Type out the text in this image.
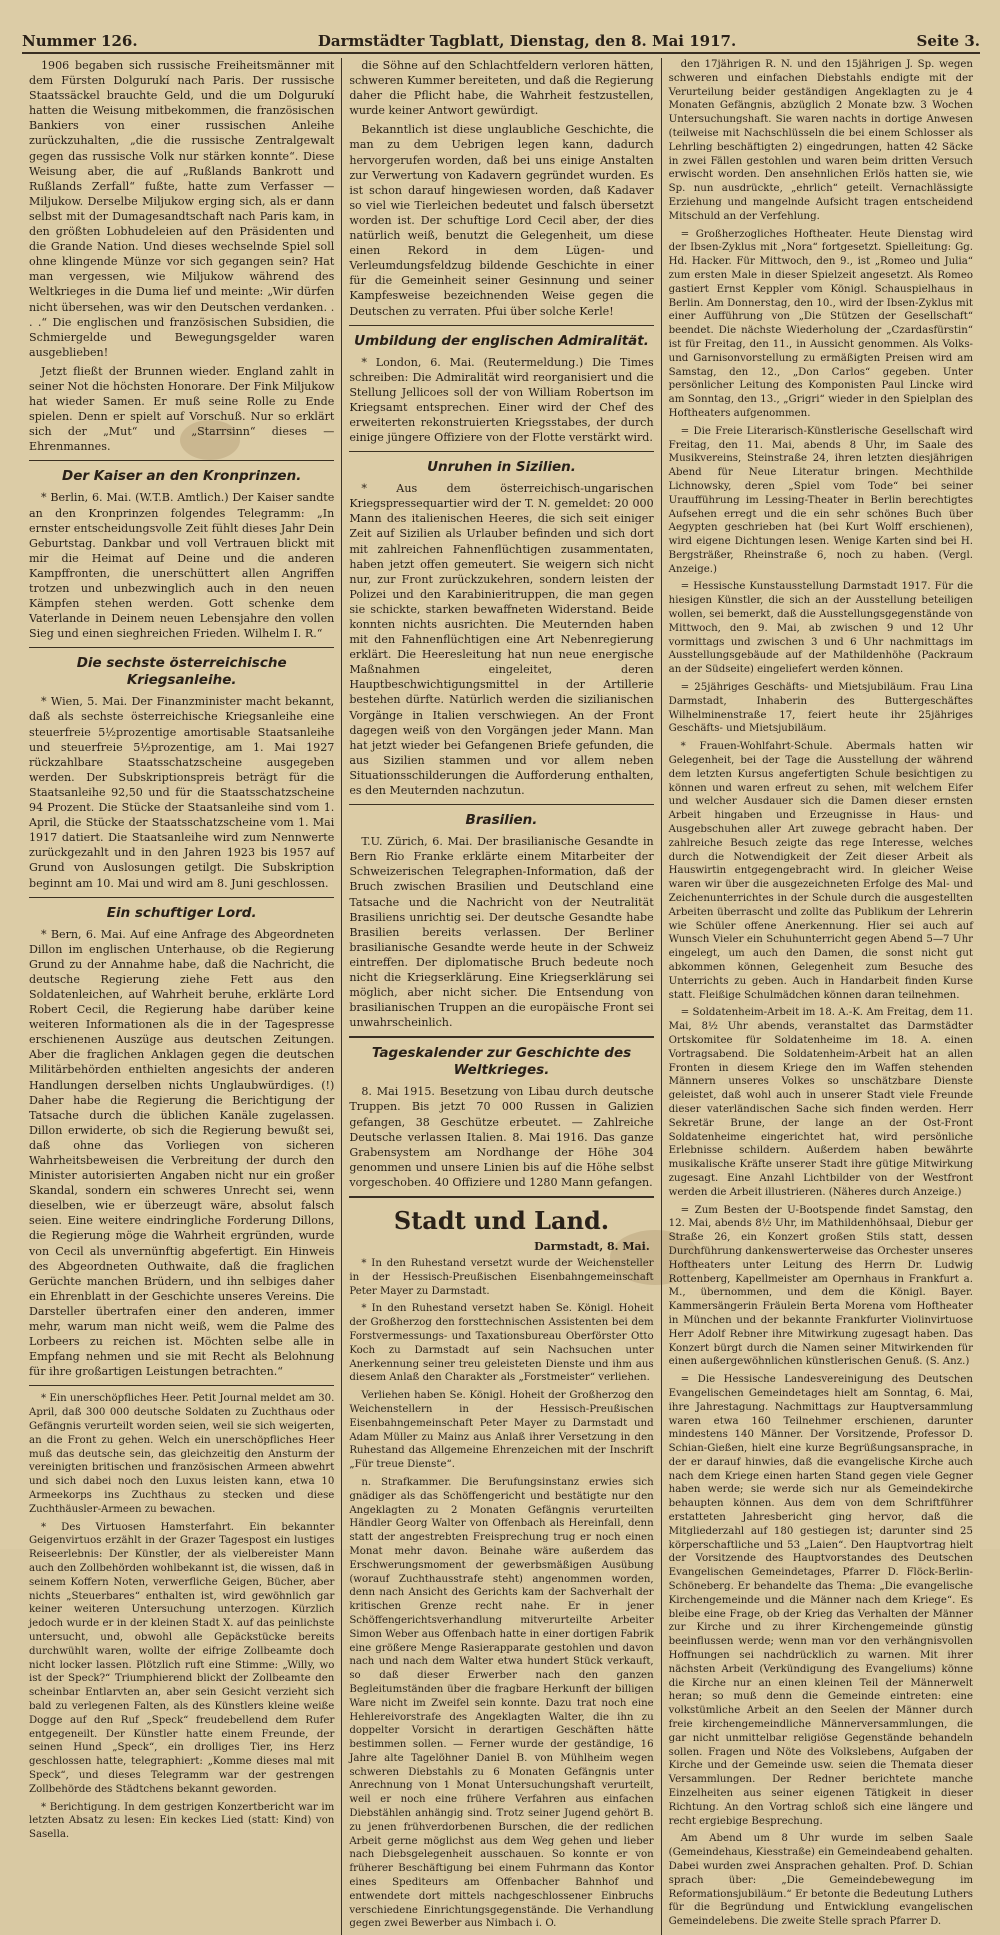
Nummer 126.	Darmstädter Tagblatt, Dienstag, den 8. Mai 1917.	Seite 3.

1906 begaben sich russische Freiheitsmänner mit dem Fürsten Dolgurukí nach Paris. Der russische Staatssäckel brauchte Geld, und die um Dolgurukí hatten die Weisung mitbekommen, die französischen Bankiers von einer russischen Anleihe zurückzuhalten, „die die russische Zentralgewalt gegen das russische Volk nur stärken konnte“. Diese Weisung aber, die auf „Rußlands Bankrott und Rußlands Zerfall“ fußte, hatte zum Verfasser — Miljukow. Derselbe Miljukow erging sich, als er dann selbst mit der Dumagesandtschaft nach Paris kam, in den größten Lobhudeleien auf den Präsidenten und die Grande Nation. Und dieses wechselnde Spiel soll ohne klingende Münze vor sich gegangen sein? Hat man vergessen, wie Miljukow während des Weltkrieges in die Duma lief und meinte: „Wir dürfen nicht übersehen, was wir den Deutschen verdanken. . . .“ Die englischen und französischen Subsidien, die Schmiergelde und Bewegungsgelder waren ausgeblieben!

Jetzt fließt der Brunnen wieder. England zahlt in seiner Not die höchsten Honorare. Der Fink Miljukow hat wieder Samen. Er muß seine Rolle zu Ende spielen. Denn er spielt auf Vorschuß. Nur so erklärt sich der „Mut“ und „Starrsinn“ dieses — Ehrenmannes.

Der Kaiser an den Kronprinzen.

* Berlin, 6. Mai. (W.T.B. Amtlich.) Der Kaiser sandte an den Kronprinzen folgendes Telegramm: „In ernster entscheidungsvolle Zeit fühlt dieses Jahr Dein Geburtstag. Dankbar und voll Vertrauen blickt mit mir die Heimat auf Deine und die anderen Kampffronten, die unerschüttert allen Angriffen trotzen und unbezwinglich auch in den neuen Kämpfen stehen werden. Gott schenke dem Vaterlande in Deinem neuen Lebensjahre den vollen Sieg und einen sieghreichen Frieden. Wilhelm I. R.“

Die sechste österreichische Kriegsanleihe.

* Wien, 5. Mai. Der Finanzminister macht bekannt, daß als sechste österreichische Kriegsanleihe eine steuerfreie 5½prozentige amortisable Staatsanleihe und steuerfreie 5½prozentige, am 1. Mai 1927 rückzahlbare Staatsschatzscheine ausgegeben werden. Der Subskriptionspreis beträgt für die Staatsanleihe 92,50 und für die Staatsschatzscheine 94 Prozent. Die Stücke der Staatsanleihe sind vom 1. April, die Stücke der Staatsschatzscheine vom 1. Mai 1917 datiert. Die Staatsanleihe wird zum Nennwerte zurückgezahlt und in den Jahren 1923 bis 1957 auf Grund von Auslosungen getilgt. Die Subskription beginnt am 10. Mai und wird am 8. Juni geschlossen.

Ein schuftiger Lord.

* Bern, 6. Mai. Auf eine Anfrage des Abgeordneten Dillon im englischen Unterhause, ob die Regierung Grund zu der Annahme habe, daß die Nachricht, die deutsche Regierung ziehe Fett aus den Soldatenleichen, auf Wahrheit beruhe, erklärte Lord Robert Cecil, die Regierung habe darüber keine weiteren Informationen als die in der Tagespresse erschienenen Auszüge aus deutschen Zeitungen. Aber die fraglichen Anklagen gegen die deutschen Militärbehörden enthielten angesichts der anderen Handlungen derselben nichts Unglaubwürdiges. (!) Daher habe die Regierung die Berichtigung der Tatsache durch die üblichen Kanäle zugelassen. Dillon erwiderte, ob sich die Regierung bewußt sei, daß ohne das Vorliegen von sicheren Wahrheitsbeweisen die Verbreitung der durch den Minister autorisierten Angaben nicht nur ein großer Skandal, sondern ein schweres Unrecht sei, wenn dieselben, wie er überzeugt wäre, absolut falsch seien. Eine weitere eindringliche Forderung Dillons, die Regierung möge die Wahrheit ergründen, wurde von Cecil als unvernünftig abgefertigt. Ein Hinweis des Abgeordneten Outhwaite, daß die fraglichen Gerüchte manchen Brüdern, und ihn selbiges daher ein Ehrenblatt in der Geschichte unseres Vereins. Die Darsteller übertrafen einer den anderen, immer mehr, warum man nicht weiß, wem die Palme des Lorbeers zu reichen ist. Möchten selbe alle in Empfang nehmen und sie mit Recht als Belohnung für ihre großartigen Leistungen betrachten.“

* Ein unerschöpfliches Heer. Petit Journal meldet am 30. April, daß 300 000 deutsche Soldaten zu Zuchthaus oder Gefängnis verurteilt worden seien, weil sie sich weigerten, an die Front zu gehen. Welch ein unerschöpfliches Heer muß das deutsche sein, das gleichzeitig den Ansturm der vereinigten britischen und französischen Armeen abwehrt und sich dabei noch den Luxus leisten kann, etwa 10 Armeekorps ins Zuchthaus zu stecken und diese Zuchthäusler-Armeen zu bewachen.

* Des Virtuosen Hamsterfahrt. Ein bekannter Geigenvirtuos erzählt in der Grazer Tagespost ein lustiges Reiseerlebnis: Der Künstler, der als vielbereister Mann auch den Zollbehörden wohlbekannt ist, die wissen, daß in seinem Koffern Noten, verwerfliche Geigen, Bücher, aber nichts „Steuerbares“ enthalten ist, wird gewöhnlich gar keiner weiteren Untersuchung unterzogen. Kürzlich jedoch wurde er in der kleinen Stadt X. auf das peinlichste untersucht, und, obwohl alle Gepäckstücke bereits durchwühlt waren, wollte der eifrige Zollbeamte doch nicht locker lassen. Plötzlich ruft eine Stimme: „Willy, wo ist der Speck?“ Triumphierend blickt der Zollbeamte den scheinbar Entlarvten an, aber sein Gesicht verzieht sich bald zu verlegenen Falten, als des Künstlers kleine weiße Dogge auf den Ruf „Speck“ freudebellend dem Rufer entgegeneilt. Der Künstler hatte einem Freunde, der seinen Hund „Speck“, ein drolliges Tier, ins Herz geschlossen hatte, telegraphiert: „Komme dieses mal mit Speck“, und dieses Telegramm war der gestrengen Zollbehörde des Städtchens bekannt geworden.

* Berichtigung. In dem gestrigen Konzertbericht war im letzten Absatz zu lesen: Ein keckes Lied (statt: Kind) von Sasella.

die Söhne auf den Schlachtfeldern verloren hätten, schweren Kummer bereiteten, und daß die Regierung daher die Pflicht habe, die Wahrheit festzustellen, wurde keiner Antwort gewürdigt.

Bekanntlich ist diese unglaubliche Geschichte, die man zu dem Uebrigen legen kann, dadurch hervorgerufen worden, daß bei uns einige Anstalten zur Verwertung von Kadavern gegründet wurden. Es ist schon darauf hingewiesen worden, daß Kadaver so viel wie Tierleichen bedeutet und falsch übersetzt worden ist. Der schuftige Lord Cecil aber, der dies natürlich weiß, benutzt die Gelegenheit, um diese einen Rekord in dem Lügen- und Verleumdungsfeldzug bildende Geschichte in einer für die Gemeinheit seiner Gesinnung und seiner Kampfesweise bezeichnenden Weise gegen die Deutschen zu verraten. Pfui über solche Kerle!

Umbildung der englischen Admiralität.

* London, 6. Mai. (Reutermeldung.) Die Times schreiben: Die Admiralität wird reorganisiert und die Stellung Jellicoes soll der von William Robertson im Kriegsamt entsprechen. Einer wird der Chef des erweiterten rekonstruierten Kriegsstabes, der durch einige jüngere Offiziere von der Flotte verstärkt wird.

Unruhen in Sizilien.

* Aus dem österreichisch-ungarischen Kriegspressequartier wird der T. N. gemeldet: 20 000 Mann des italienischen Heeres, die sich seit einiger Zeit auf Sizilien als Urlauber befinden und sich dort mit zahlreichen Fahnenflüchtigen zusammentaten, haben jetzt offen gemeutert. Sie weigern sich nicht nur, zur Front zurückzukehren, sondern leisten der Polizei und den Karabinieritruppen, die man gegen sie schickte, starken bewaffneten Widerstand. Beide konnten nichts ausrichten. Die Meuternden haben mit den Fahnenflüchtigen eine Art Nebenregierung erklärt. Die Heeresleitung hat nun neue energische Maßnahmen eingeleitet, deren Hauptbeschwichtigungsmittel in der Artillerie bestehen dürfte. Natürlich werden die sizilianischen Vorgänge in Italien verschwiegen. An der Front dagegen weiß von den Vorgängen jeder Mann. Man hat jetzt wieder bei Gefangenen Briefe gefunden, die aus Sizilien stammen und vor allem neben Situationsschilderungen die Aufforderung enthalten, es den Meuternden nachzutun.

Brasilien.

T.U. Zürich, 6. Mai. Der brasilianische Gesandte in Bern Rio Franke erklärte einem Mitarbeiter der Schweizerischen Telegraphen-Information, daß der Bruch zwischen Brasilien und Deutschland eine Tatsache und die Nachricht von der Neutralität Brasiliens unrichtig sei. Der deutsche Gesandte habe Brasilien bereits verlassen. Der Berliner brasilianische Gesandte werde heute in der Schweiz eintreffen. Der diplomatische Bruch bedeute noch nicht die Kriegserklärung. Eine Kriegserklärung sei möglich, aber nicht sicher. Die Entsendung von brasilianischen Truppen an die europäische Front sei unwahrscheinlich.

Tageskalender zur Geschichte des Weltkrieges.

8. Mai 1915. Besetzung von Libau durch deutsche Truppen. Bis jetzt 70 000 Russen in Galizien gefangen, 38 Geschütze erbeutet. — Zahlreiche Deutsche verlassen Italien. 8. Mai 1916. Das ganze Grabensystem am Nordhange der Höhe 304 genommen und unsere Linien bis auf die Höhe selbst vorgeschoben. 40 Offiziere und 1280 Mann gefangen.

Stadt und Land.
Darmstadt, 8. Mai.

* In den Ruhestand versetzt wurde der Weichensteller in der Hessisch-Preußischen Eisenbahngemeinschaft Peter Mayer zu Darmstadt.

* In den Ruhestand versetzt haben Se. Königl. Hoheit der Großherzog den forsttechnischen Assistenten bei dem Forstvermessungs- und Taxationsbureau Oberförster Otto Koch zu Darmstadt auf sein Nachsuchen unter Anerkennung seiner treu geleisteten Dienste und ihm aus diesem Anlaß den Charakter als „Forstmeister“ verliehen.

Verliehen haben Se. Königl. Hoheit der Großherzog den Weichenstellern in der Hessisch-Preußischen Eisenbahngemeinschaft Peter Mayer zu Darmstadt und Adam Müller zu Mainz aus Anlaß ihrer Versetzung in den Ruhestand das Allgemeine Ehrenzeichen mit der Inschrift „Für treue Dienste“.

n. Strafkammer. Die Berufungsinstanz erwies sich gnädiger als das Schöffengericht und bestätigte nur den Angeklagten zu 2 Monaten Gefängnis verurteilten Händler Georg Walter von Offenbach als Hereinfall, denn statt der angestrebten Freisprechung trug er noch einen Monat mehr davon. Beinahe wäre außerdem das Erschwerungsmoment der gewerbsmäßigen Ausübung (worauf Zuchthausstrafe steht) angenommen worden, denn nach Ansicht des Gerichts kam der Sachverhalt der kritischen Grenze recht nahe. Er in jener Schöffengerichtsverhandlung mitverurteilte Arbeiter Simon Weber aus Offenbach hatte in einer dortigen Fabrik eine größere Menge Rasierapparate gestohlen und davon nach und nach dem Walter etwa hundert Stück verkauft, so daß dieser Erwerber nach den ganzen Begleitumständen über die fragbare Herkunft der billigen Ware nicht im Zweifel sein konnte. Dazu trat noch eine Hehlereivorstrafe des Angeklagten Walter, die ihn zu doppelter Vorsicht in derartigen Geschäften hätte bestimmen sollen. — Ferner wurde der geständige, 16 Jahre alte Tagelöhner Daniel B. von Mühlheim wegen schweren Diebstahls zu 6 Monaten Gefängnis unter Anrechnung von 1 Monat Untersuchungshaft verurteilt, weil er noch eine frühere Verfahren aus einfachen Diebstählen anhängig sind. Trotz seiner Jugend gehört B. zu jenen frühverdorbenen Burschen, die der redlichen Arbeit gerne möglichst aus dem Weg gehen und lieber nach Diebsgelegenheit ausschauen. So konnte er von früherer Beschäftigung bei einem Fuhrmann das Kontor eines Spediteurs am Offenbacher Bahnhof und entwendete dort mittels nachgeschlossener Einbruchs verschiedene Einrichtungsgegenstände. Die Verhandlung gegen zwei Bewerber aus Nimbach i. O.

den 17jährigen R. N. und den 15jährigen J. Sp. wegen schweren und einfachen Diebstahls endigte mit der Verurteilung beider geständigen Angeklagten zu je 4 Monaten Gefängnis, abzüglich 2 Monate bzw. 3 Wochen Untersuchungshaft. Sie waren nachts in dortige Anwesen (teilweise mit Nachschlüsseln die bei einem Schlosser als Lehrling beschäftigten 2) eingedrungen, hatten 42 Säcke in zwei Fällen gestohlen und waren beim dritten Versuch erwischt worden. Den ansehnlichen Erlös hatten sie, wie Sp. nun ausdrückte, „ehrlich“ geteilt. Vernachlässigte Erziehung und mangelnde Aufsicht tragen entscheidend Mitschuld an der Verfehlung.

= Großherzogliches Hoftheater. Heute Dienstag wird der Ibsen-Zyklus mit „Nora“ fortgesetzt. Spielleitung: Gg. Hd. Hacker. Für Mittwoch, den 9., ist „Romeo und Julia“ zum ersten Male in dieser Spielzeit angesetzt. Als Romeo gastiert Ernst Keppler vom Königl. Schauspielhaus in Berlin. Am Donnerstag, den 10., wird der Ibsen-Zyklus mit einer Aufführung von „Die Stützen der Gesellschaft“ beendet. Die nächste Wiederholung der „Czardasfürstin“ ist für Freitag, den 11., in Aussicht genommen. Als Volks- und Garnisonvorstellung zu ermäßigten Preisen wird am Samstag, den 12., „Don Carlos“ gegeben. Unter persönlicher Leitung des Komponisten Paul Lincke wird am Sonntag, den 13., „Grigri“ wieder in den Spielplan des Hoftheaters aufgenommen.

= Die Freie Literarisch-Künstlerische Gesellschaft wird Freitag, den 11. Mai, abends 8 Uhr, im Saale des Musikvereins, Steinstraße 24, ihren letzten diesjährigen Abend für Neue Literatur bringen. Mechthilde Lichnowsky, deren „Spiel vom Tode“ bei seiner Uraufführung im Lessing-Theater in Berlin berechtigtes Aufsehen erregt und die ein sehr schönes Buch über Aegypten geschrieben hat (bei Kurt Wolff erschienen), wird eigene Dichtungen lesen. Wenige Karten sind bei H. Bergsträßer, Rheinstraße 6, noch zu haben. (Vergl. Anzeige.)

= Hessische Kunstausstellung Darmstadt 1917. Für die hiesigen Künstler, die sich an der Ausstellung beteiligen wollen, sei bemerkt, daß die Ausstellungsgegenstände von Mittwoch, den 9. Mai, ab zwischen 9 und 12 Uhr vormittags und zwischen 3 und 6 Uhr nachmittags im Ausstellungsgebäude auf der Mathildenhöhe (Packraum an der Südseite) eingeliefert werden können.

= 25jähriges Geschäfts- und Mietsjubiläum. Frau Lina Darmstadt, Inhaberin des Buttergeschäftes Wilhelminenstraße 17, feiert heute ihr 25jähriges Geschäfts- und Mietsjubiläum.

* Frauen-Wohlfahrt-Schule. Abermals hatten wir Gelegenheit, bei der Tage die Ausstellung der während dem letzten Kursus angefertigten Schule besichtigen zu können und waren erfreut zu sehen, mit welchem Eifer und welcher Ausdauer sich die Damen dieser ernsten Arbeit hingaben und Erzeugnisse in Haus- und Ausgebschuhen aller Art zuwege gebracht haben. Der zahlreiche Besuch zeigte das rege Interesse, welches durch die Notwendigkeit der Zeit dieser Arbeit als Hauswirtin entgegengebracht wird. In gleicher Weise waren wir über die ausgezeichneten Erfolge des Mal- und Zeichenunterrichtes in der Schule durch die ausgestellten Arbeiten überrascht und zollte das Publikum der Lehrerin wie Schüler offene Anerkennung. Hier sei auch auf Wunsch Vieler ein Schuhunterricht gegen Abend 5—7 Uhr eingelegt, um auch den Damen, die sonst nicht gut abkommen können, Gelegenheit zum Besuche des Unterrichts zu geben. Auch in Handarbeit finden Kurse statt. Fleißige Schulmädchen können daran teilnehmen.

= Soldatenheim-Arbeit im 18. A.-K. Am Freitag, dem 11. Mai, 8½ Uhr abends, veranstaltet das Darmstädter Ortskomitee für Soldatenheime im 18. A. einen Vortragsabend. Die Soldatenheim-Arbeit hat an allen Fronten in diesem Kriege den im Waffen stehenden Männern unseres Volkes so unschätzbare Dienste geleistet, daß wohl auch in unserer Stadt viele Freunde dieser vaterländischen Sache sich finden werden. Herr Sekretär Brune, der lange an der Ost-Front Soldatenheime eingerichtet hat, wird persönliche Erlebnisse schildern. Außerdem haben bewährte musikalische Kräfte unserer Stadt ihre gütige Mitwirkung zugesagt. Eine Anzahl Lichtbilder von der Westfront werden die Arbeit illustrieren. (Näheres durch Anzeige.)

= Zum Besten der U-Bootspende findet Samstag, den 12. Mai, abends 8½ Uhr, im Mathildenhöhsaal, Diebur ger Straße 26, ein Konzert großen Stils statt, dessen Durchführung dankenswerterweise das Orchester unseres Hoftheaters unter Leitung des Herrn Dr. Ludwig Rottenberg, Kapellmeister am Opernhaus in Frankfurt a. M., übernommen, und dem die Königl. Bayer. Kammersängerin Fräulein Berta Morena vom Hoftheater in München und der bekannte Frankfurter Violinvirtuose Herr Adolf Rebner ihre Mitwirkung zugesagt haben. Das Konzert bürgt durch die Namen seiner Mitwirkenden für einen außergewöhnlichen künstlerischen Genuß. (S. Anz.)

= Die Hessische Landesvereinigung des Deutschen Evangelischen Gemeindetages hielt am Sonntag, 6. Mai, ihre Jahrestagung. Nachmittags zur Hauptversammlung waren etwa 160 Teilnehmer erschienen, darunter mindestens 140 Männer. Der Vorsitzende, Professor D. Schian-Gießen, hielt eine kurze Begrüßungsansprache, in der er darauf hinwies, daß die evangelische Kirche auch nach dem Kriege einen harten Stand gegen viele Gegner haben werde; sie werde sich nur als Gemeindekirche behaupten können. Aus dem von dem Schriftführer erstatteten Jahresbericht ging hervor, daß die Mitgliederzahl auf 180 gestiegen ist; darunter sind 25 körperschaftliche und 53 „Laien“. Den Hauptvortrag hielt der Vorsitzende des Hauptvorstandes des Deutschen Evangelischen Gemeindetages, Pfarrer D. Flöck-Berlin-Schöneberg. Er behandelte das Thema: „Die evangelische Kirchengemeinde und die Männer nach dem Kriege“. Es bleibe eine Frage, ob der Krieg das Verhalten der Männer zur Kirche und zu ihrer Kirchengemeinde günstig beeinflussen werde; wenn man vor den verhängnisvollen Hoffnungen sei nachdrücklich zu warnen. Mit ihrer nächsten Arbeit (Verkündigung des Evangeliums) könne die Kirche nur an einen kleinen Teil der Männerwelt heran; so muß denn die Gemeinde eintreten: eine volkstümliche Arbeit an den Seelen der Männer durch freie kirchengemeindliche Männerversammlungen, die gar nicht unmittelbar religiöse Gegenstände behandeln sollen. Fragen und Nöte des Volkslebens, Aufgaben der Kirche und der Gemeinde usw. seien die Themata dieser Versammlungen. Der Redner berichtete manche Einzelheiten aus seiner eigenen Tätigkeit in dieser Richtung. An den Vortrag schloß sich eine längere und recht ergiebige Besprechung.

Am Abend um 8 Uhr wurde im selben Saale (Gemeindehaus, Kiesstraße) ein Gemeindeabend gehalten. Dabei wurden zwei Ansprachen gehalten. Prof. D. Schian sprach über: „Die Gemeindebewegung im Reformationsjubiläum.“ Er betonte die Bedeutung Luthers für die Begründung und Entwicklung evangelischen Gemeindelebens. Die zweite Stelle sprach Pfarrer D.
